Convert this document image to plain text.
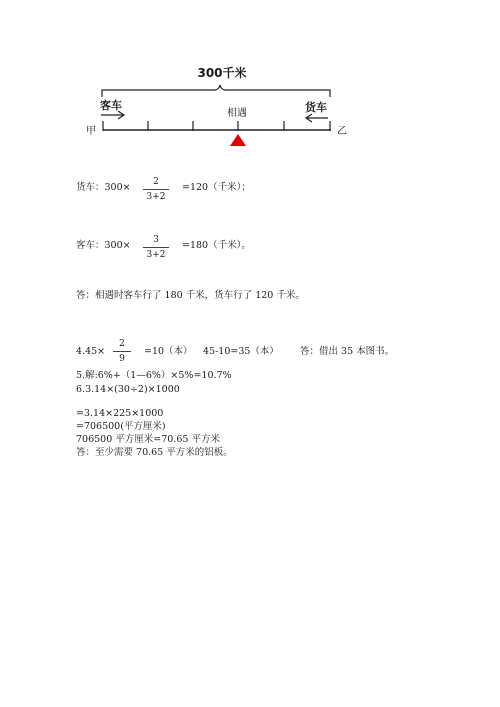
300千米
客车	货车
相遇
甲	乙
货车：300×	2
3+2
=120（千米）；
客车：300×	3
3+2
=180（千米）。
答：相遇时客车行了 180 千米，货车行了 120 千米。
4.45×
2
9
=10（本） 45-10=35（本） 答：借出 35 本图书。
5.解:6%+（1—6%）×5%=10.7%
6.3.14×(30÷2)×1000
=3.14×225×1000
=706500(平方厘米)
706500 平方厘米=70.65 平方米
答：至少需要 70.65 平方米的铝板。
